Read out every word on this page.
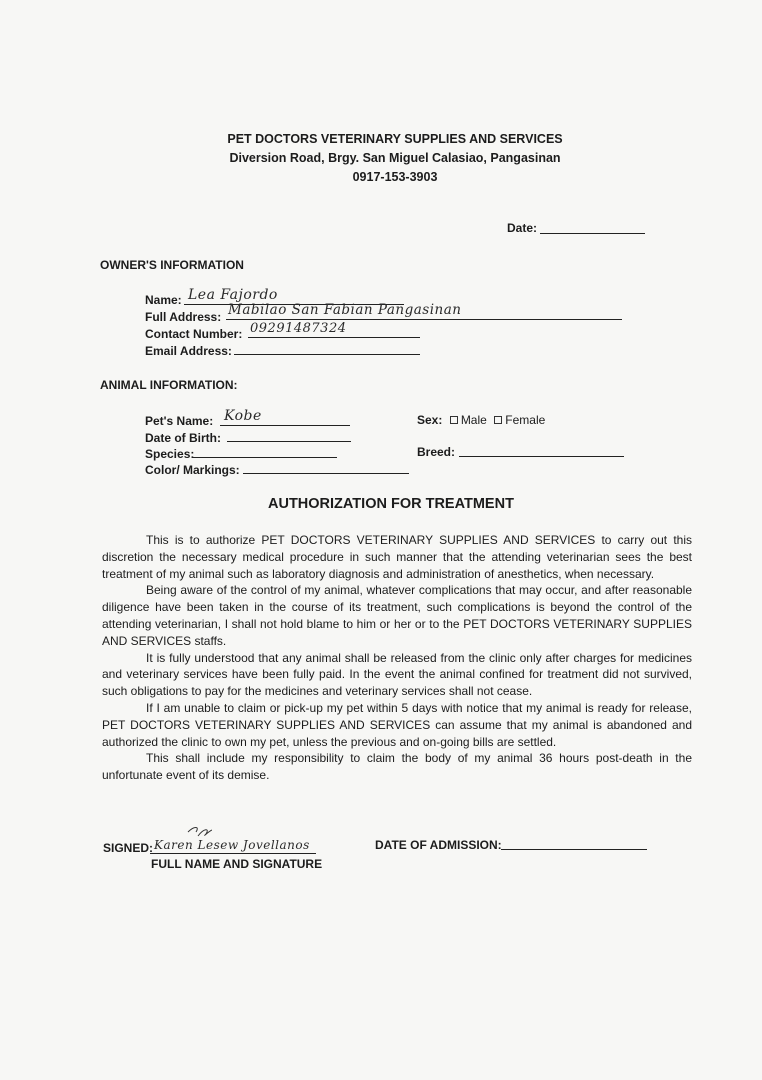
PET DOCTORS VETERINARY SUPPLIES AND SERVICES
Diversion Road, Brgy. San Miguel Calasiao, Pangasinan
0917-153-3903
Date:
OWNER'S INFORMATION
Name: Lea Fajordo
Full Address: Mabilao San Fabian Pangasinan
Contact Number: 09291487324
Email Address:
ANIMAL INFORMATION:
Pet's Name: Kobe
Date of Birth:
Species:
Color/ Markings:
Sex: Male Female
Breed:
AUTHORIZATION FOR TREATMENT

This is to authorize PET DOCTORS VETERINARY SUPPLIES AND SERVICES to carry out this discretion the necessary medical procedure in such manner that the attending veterinarian sees the best treatment of my animal such as laboratory diagnosis and administration of anesthetics, when necessary.

Being aware of the control of my animal, whatever complications that may occur, and after reasonable diligence have been taken in the course of its treatment, such complications is beyond the control of the attending veterinarian, I shall not hold blame to him or her or to the PET DOCTORS VETERINARY SUPPLIES AND SERVICES staffs.

It is fully understood that any animal shall be released from the clinic only after charges for medicines and veterinary services have been fully paid. In the event the animal confined for treatment did not survived, such obligations to pay for the medicines and veterinary services shall not cease.

If I am unable to claim or pick-up my pet within 5 days with notice that my animal is ready for release, PET DOCTORS VETERINARY SUPPLIES AND SERVICES can assume that my animal is abandoned and authorized the clinic to own my pet, unless the previous and on-going bills are settled.

This shall include my responsibility to claim the body of my animal 36 hours post-death in the unfortunate event of its demise.

SIGNED: Karen Lesew Jovellanos
FULL NAME AND SIGNATURE
DATE OF ADMISSION:
